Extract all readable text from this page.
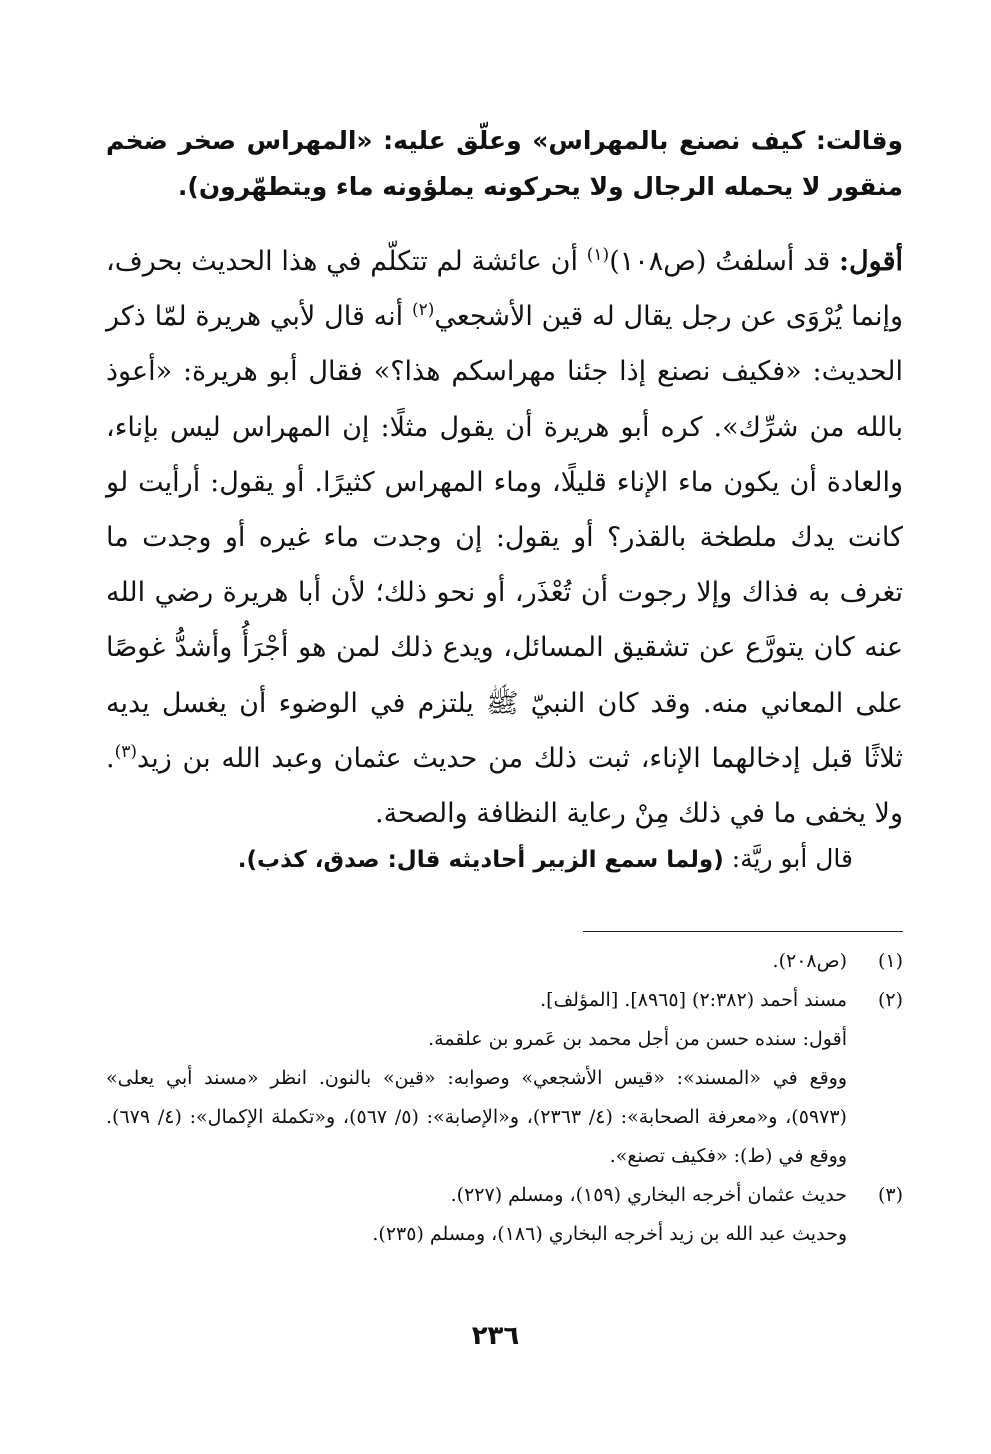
وقالت: كيف نصنع بالمهراس» وعلّق عليه: «المهراس صخر ضخم منقور لا يحمله الرجال ولا يحركونه يملؤونه ماء ويتطهّرون).

أقول: قد أسلفتُ (ص١٠٨)$^{(١)}$ أن عائشة لم تتكلّم في هذا الحديث بحرف، وإنما يُرْوَى عن رجل يقال له قين الأشجعي$^{(٢)}$ أنه قال لأبي هريرة لمّا ذكر الحديث: «فكيف نصنع إذا جئنا مهراسكم هذا؟» فقال أبو هريرة: «أعوذ بالله من شرِّك». كره أبو هريرة أن يقول مثلًا: إن المهراس ليس بإناء، والعادة أن يكون ماء الإناء قليلًا، وماء المهراس كثيرًا. أو يقول: أرأيت لو كانت يدك ملطخة بالقذر؟ أو يقول: إن وجدت ماء غيره أو وجدت ما تغرف به فذاك وإلا رجوت أن تُعْذَر، أو نحو ذلك؛ لأن أبا هريرة رضي الله عنه كان يتورَّع عن تشقيق المسائل، ويدع ذلك لمن هو أجْرَأُ وأشدُّ غوصًا على المعاني منه. وقد كان النبيّ ﷺ يلتزم في الوضوء أن يغسل يديه ثلاثًا قبل إدخالهما الإناء، ثبت ذلك من حديث عثمان وعبد الله بن زيد$^{(٣)}$. ولا يخفى ما في ذلك مِنْ رعاية النظافة والصحة.

قال أبو ريَّة: (ولما سمع الزبير أحاديثه قال: صدق، كذب).
(١)
(ص٢٠٨).
(٢)
مسند أحمد (٢:٣٨٢) [٨٩٦٥]. [المؤلف].
أقول: سنده حسن من أجل محمد بن عَمرو بن علقمة.
ووقع في «المسند»: «قيس الأشجعي» وصوابه: «قين» بالنون. انظر «مسند أبي يعلى» (٥٩٧٣)، و«معرفة الصحابة»: (٤/ ٢٣٦٣)، و«الإصابة»: (٥/ ٥٦٧)، و«تكملة الإكمال»: (٤/ ٦٧٩). ووقع في (ط): «فكيف تصنع».
(٣)
حديث عثمان أخرجه البخاري (١٥٩)، ومسلم (٢٢٧).
وحديث عبد الله بن زيد أخرجه البخاري (١٨٦)، ومسلم (٢٣٥).
٢٣٦
